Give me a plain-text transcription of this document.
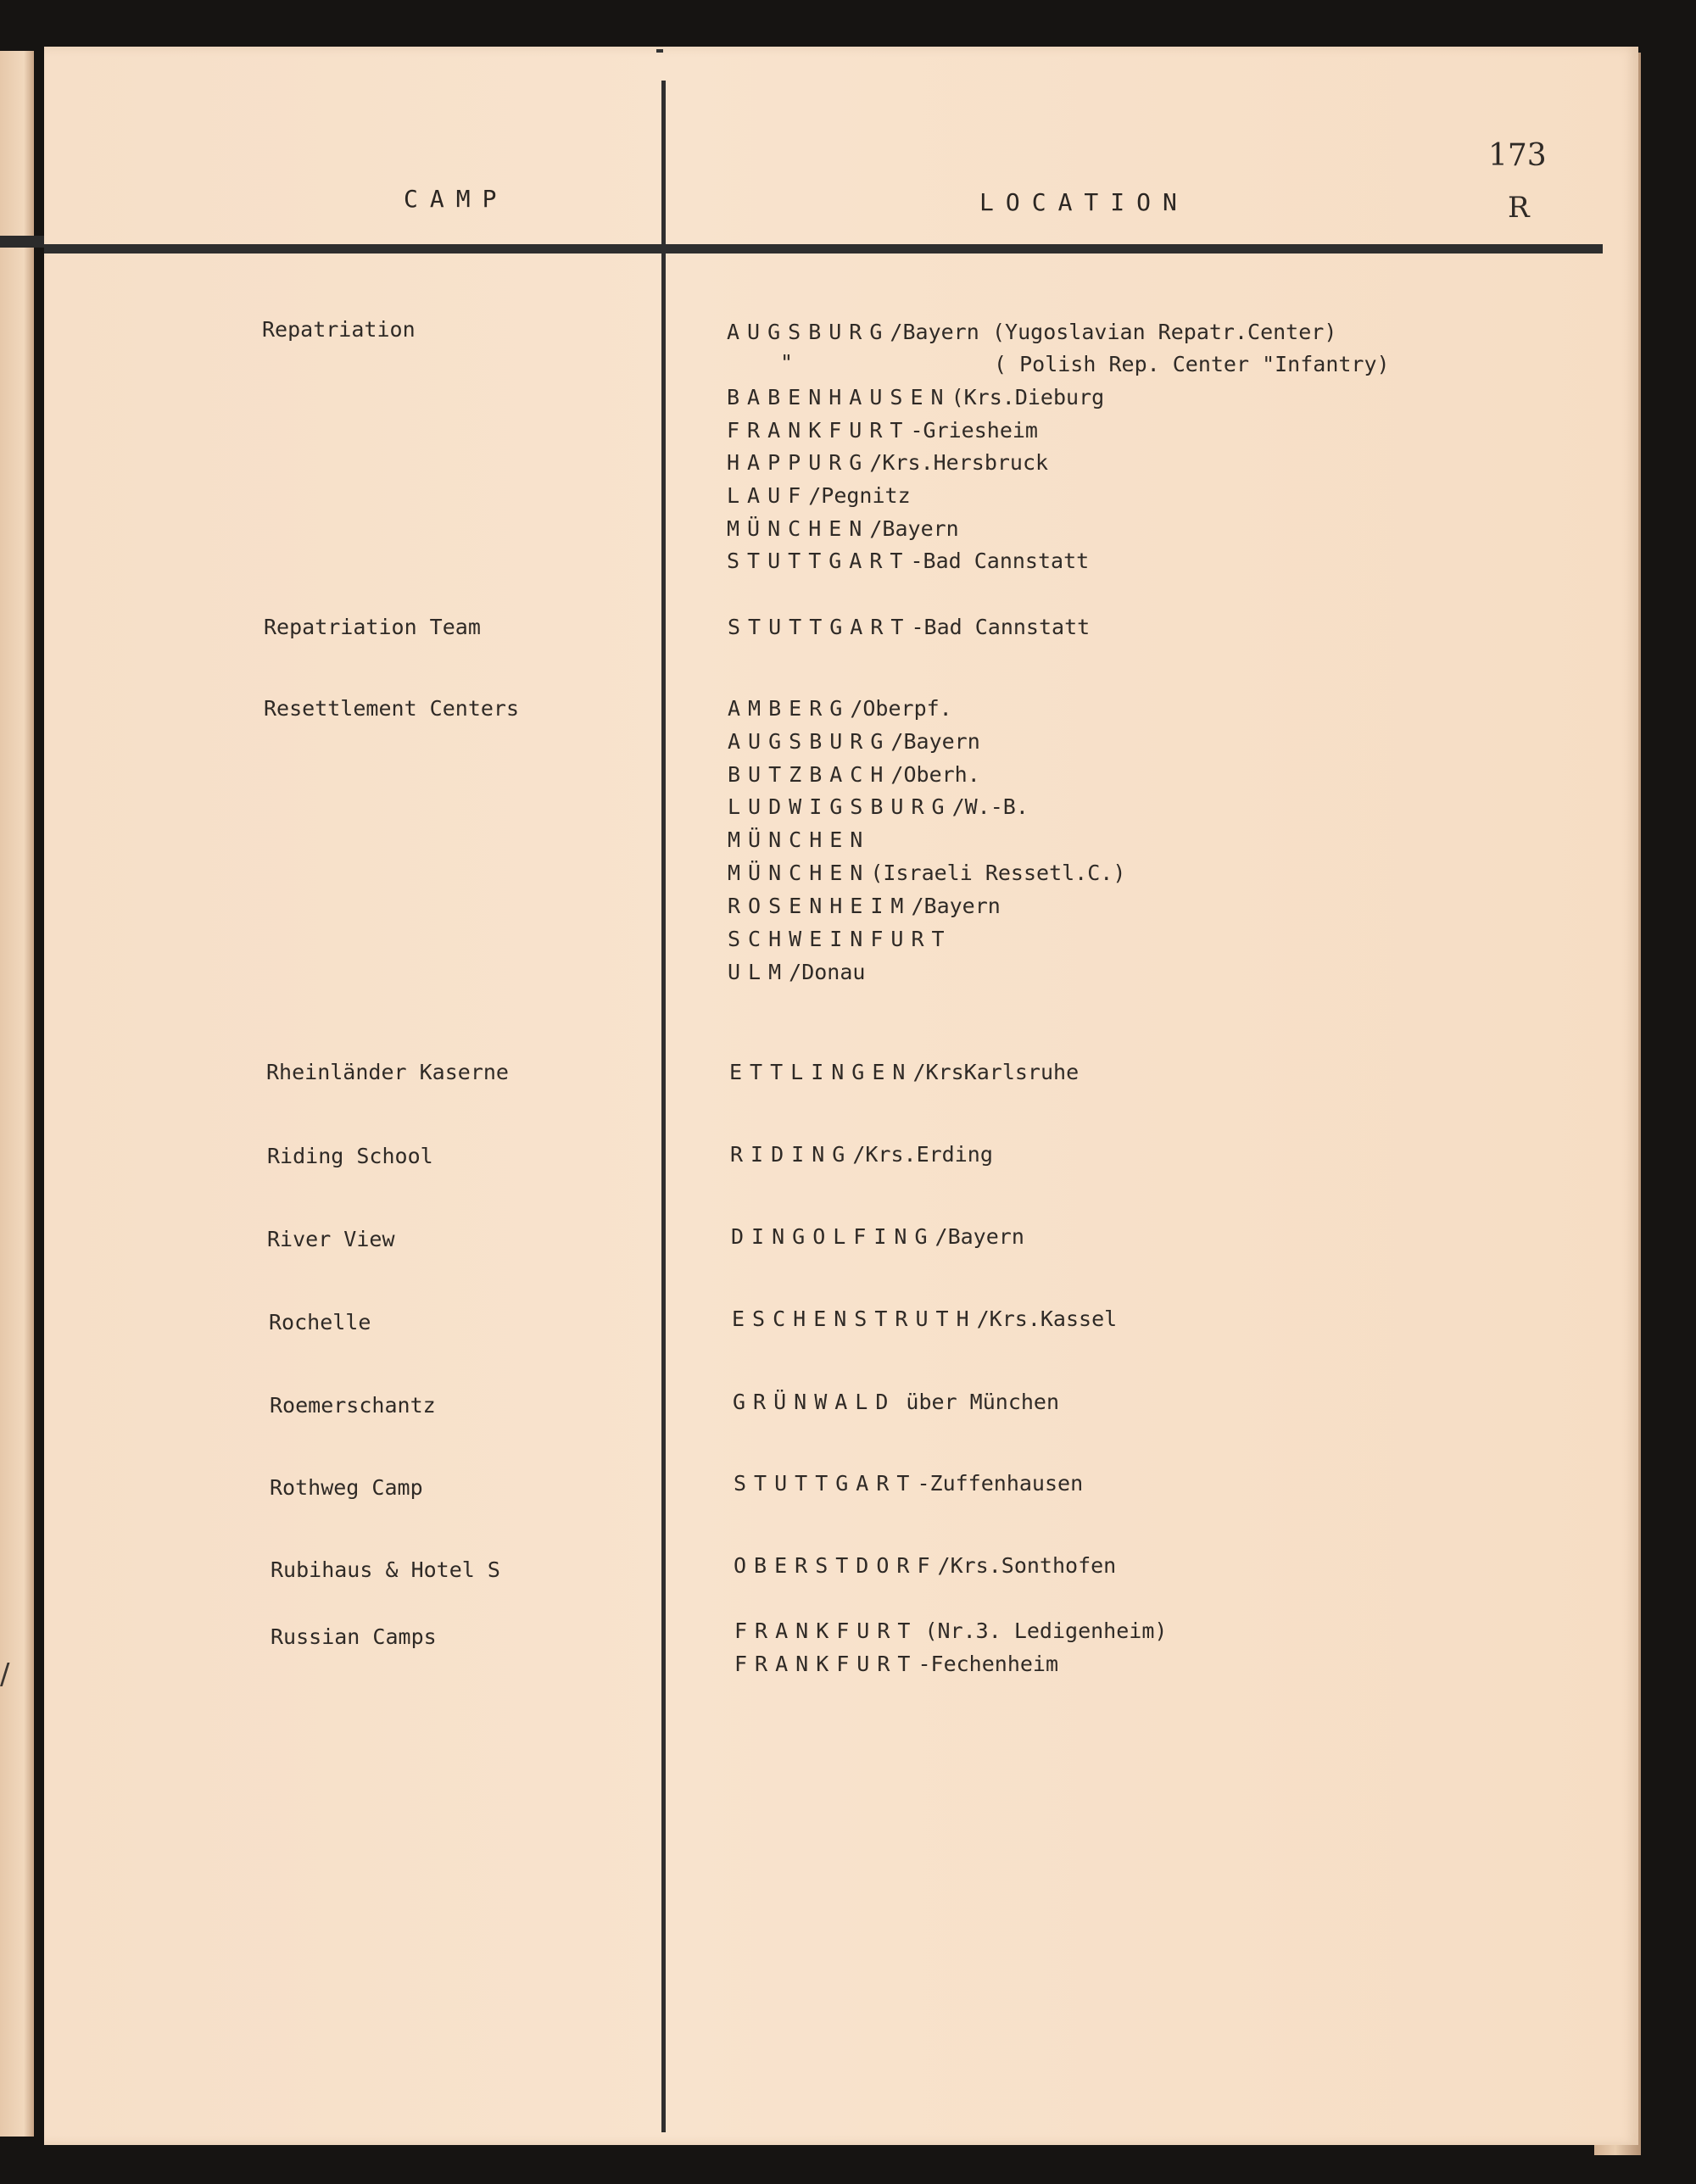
/
CAMP	LOCATION
173
R
Repatriation	AUGSBURG/Bayern (Yugoslavian Repatr.Center)
"	( Polish Rep. Center "Infantry)
BABENHAUSEN(Krs.Dieburg
FRANKFURT-Griesheim
HAPPURG/Krs.Hersbruck
LAUF/Pegnitz
MÜNCHEN/Bayern
STUTTGART-Bad Cannstatt
Repatriation Team	STUTTGART-Bad Cannstatt
Resettlement Centers	AMBERG/Oberpf.
AUGSBURG/Bayern
BUTZBACH/Oberh.
LUDWIGSBURG/W.-B.
MÜNCHEN
MÜNCHEN(Israeli Ressetl.C.)
ROSENHEIM/Bayern
SCHWEINFURT
ULM/Donau
Rheinländer Kaserne	ETTLINGEN/KrsKarlsruhe
Riding School	RIDING/Krs.Erding
River View	DINGOLFING/Bayern
Rochelle	ESCHENSTRUTH/Krs.Kassel
Roemerschantz	GRÜNWALD über München
Rothweg Camp	STUTTGART-Zuffenhausen
Rubihaus & Hotel S	OBERSTDORF/Krs.Sonthofen
Russian Camps	FRANKFURT (Nr.3. Ledigenheim)
FRANKFURT-Fechenheim
